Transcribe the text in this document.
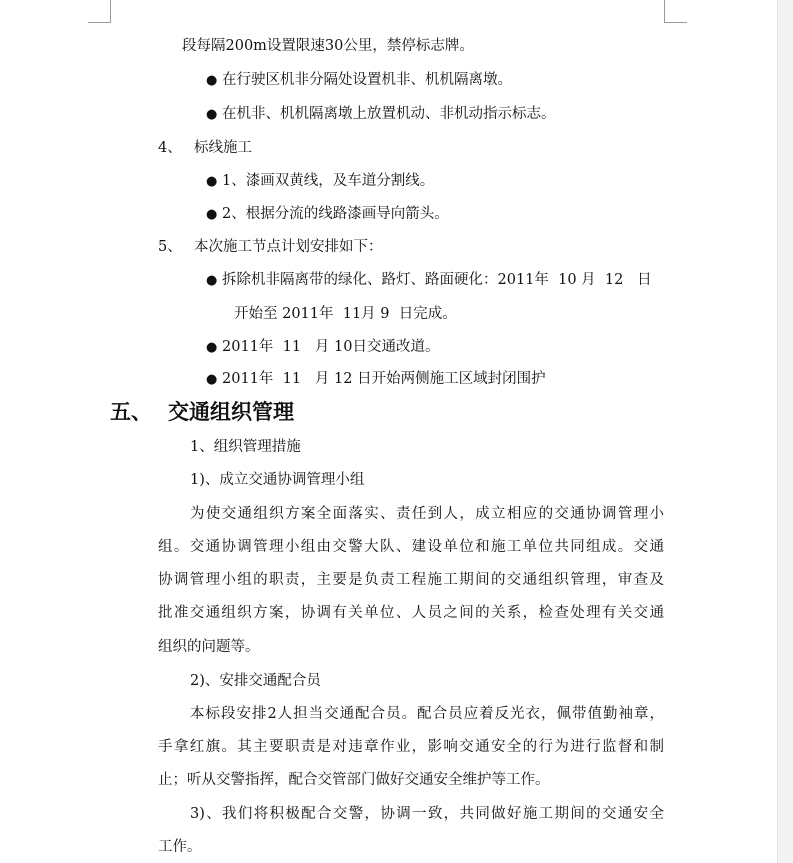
段每隔200m设置限速30公里，禁停标志牌。
● 在行驶区机非分隔处设置机非、机机隔离墩。
● 在机非、机机隔离墩上放置机动、非机动指示标志。
4、 标线施工
● 1、漆画双黄线，及车道分割线。
● 2、根据分流的线路漆画导向箭头。
5、 本次施工节点计划安排如下：
● 拆除机非隔离带的绿化、路灯、路面硬化：2011年  10 月  12   日
开始至 2011年  11月 9  日完成。
● 2011年  11   月 10日交通改道。
● 2011年  11   月 12 日开始两侧施工区域封闭围护
五、 交通组织管理
1、组织管理措施
1)、成立交通协调管理小组
为使交通组织方案全面落实、责任到人，成立相应的交通协调管理小
组。交通协调管理小组由交警大队、建设单位和施工单位共同组成。交通
协调管理小组的职责，主要是负责工程施工期间的交通组织管理，审查及
批准交通组织方案，协调有关单位、人员之间的关系，检查处理有关交通
组织的问题等。
2)、安排交通配合员
本标段安排2人担当交通配合员。配合员应着反光衣，佩带值勤袖章，
手拿红旗。其主要职责是对违章作业，影响交通安全的行为进行监督和制
止；听从交警指挥，配合交管部门做好交通安全维护等工作。
3)、我们将积极配合交警，协调一致，共同做好施工期间的交通安全
工作。
